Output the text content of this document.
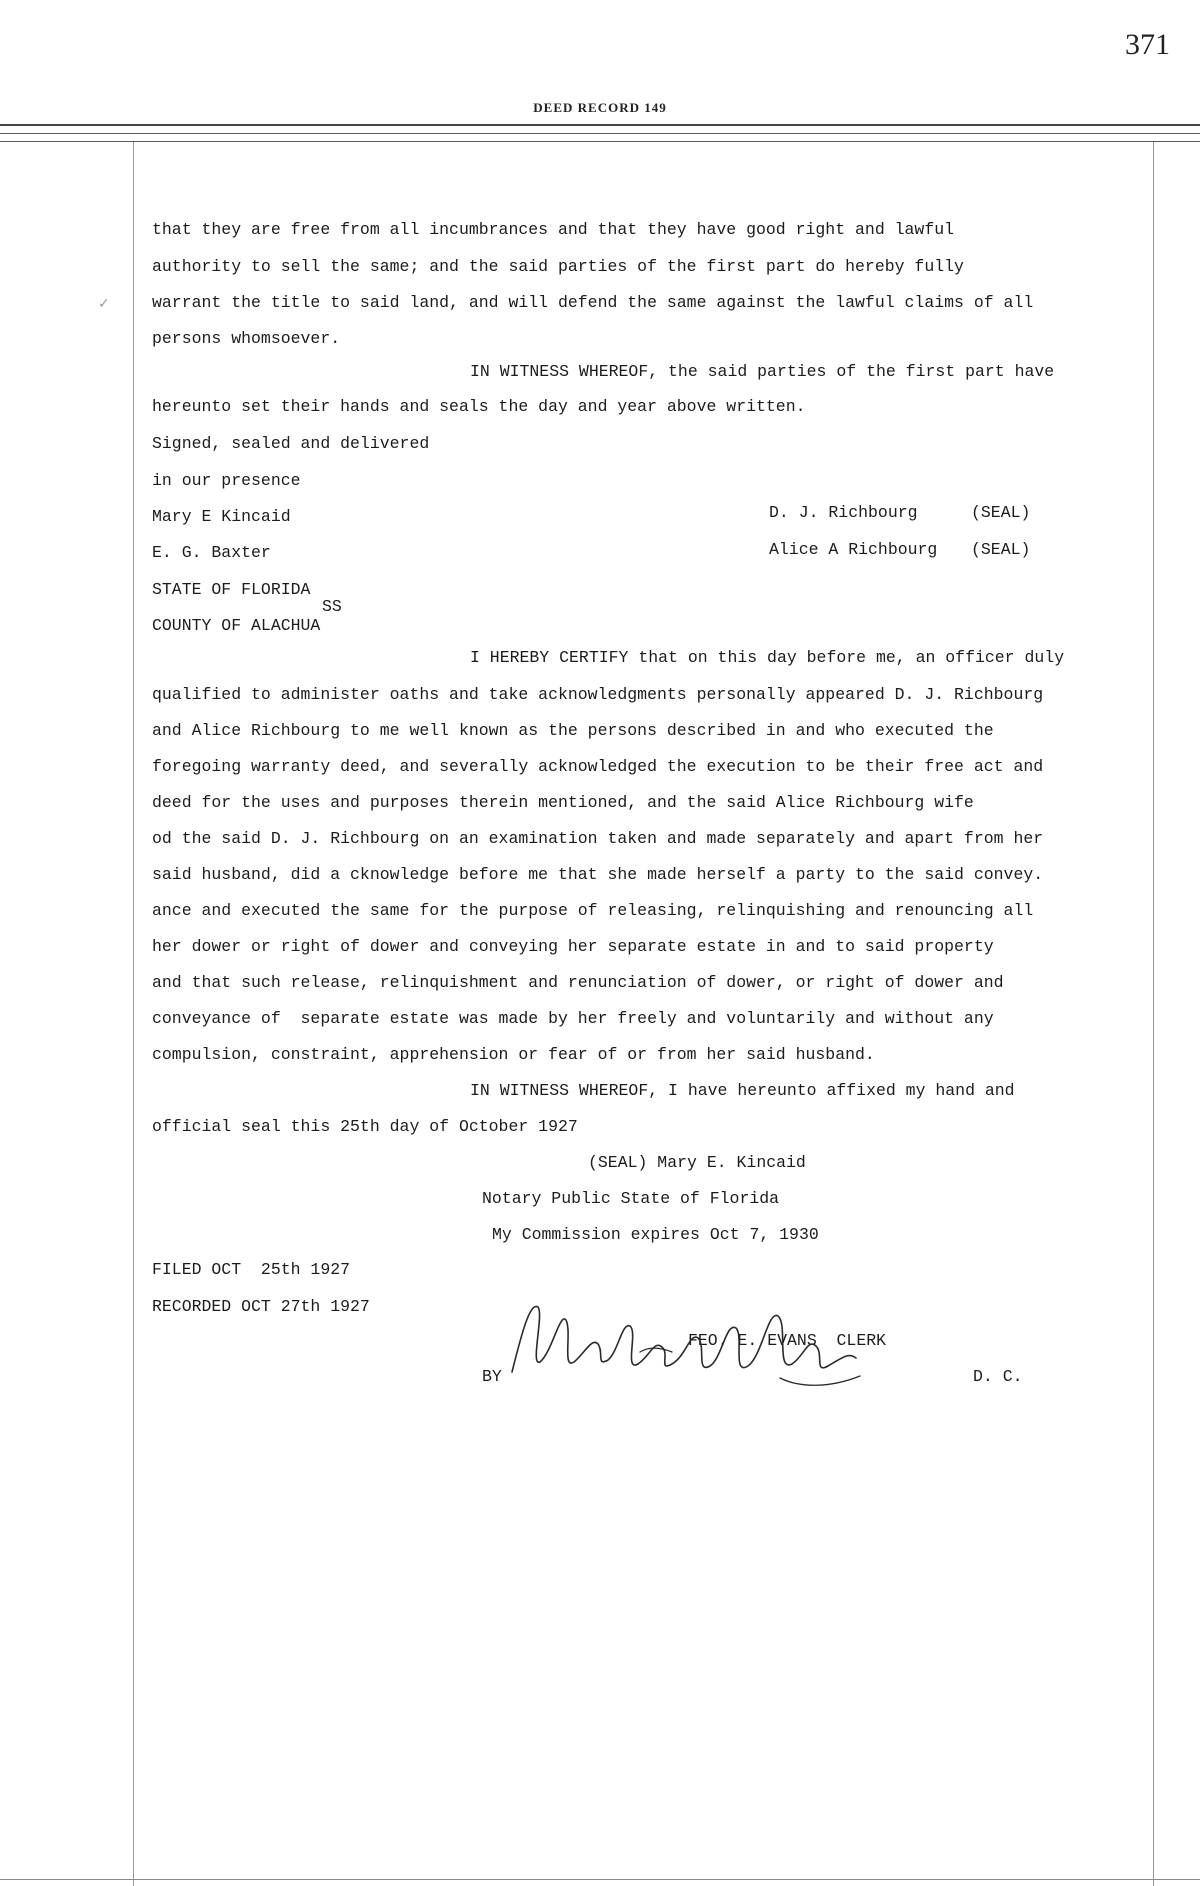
371
DEED RECORD 149
✓
that they are free from all incumbrances and that they have good right and lawful
authority to sell the same; and the said parties of the first part do hereby fully
warrant the title to said land, and will defend the same against the lawful claims of all
persons whomsoever.
IN WITNESS WHEREOF, the said parties of the first part have
hereunto set their hands and seals the day and year above written.
Signed, sealed and delivered
in our presence
Mary E Kincaid
E. G. Baxter
D. J. Richbourg	(SEAL)
Alice A Richbourg (SEAL)
STATE OF FLORIDA
SS
COUNTY OF ALACHUA
I HEREBY CERTIFY that on this day before me, an officer duly
qualified to administer oaths and take acknowledgments personally appeared D. J. Richbourg
and Alice Richbourg to me well known as the persons described in and who executed the
foregoing warranty deed, and severally acknowledged the execution to be their free act and
deed for the uses and purposes therein mentioned, and the said Alice Richbourg wife
od the said D. J. Richbourg on an examination taken and made separately and apart from her
said husband, did a cknowledge before me that she made herself a party to the said convey.
ance and executed the same for the purpose of releasing, relinquishing and renouncing all
her dower or right of dower and conveying her separate estate in and to said property
and that such release, relinquishment and renunciation of dower, or right of dower and
conveyance of  separate estate was made by her freely and voluntarily and without any
compulsion, constraint, apprehension or fear of or from her said husband.
IN WITNESS WHEREOF, I have hereunto affixed my hand and
official seal this 25th day of October 1927
(SEAL) Mary E. Kincaid
Notary Public State of Florida
My Commission expires Oct 7, 1930
FILED OCT  25th 1927
RECORDED OCT 27th 1927
FEO. E. EVANS  CLERK
BY	D. C.
